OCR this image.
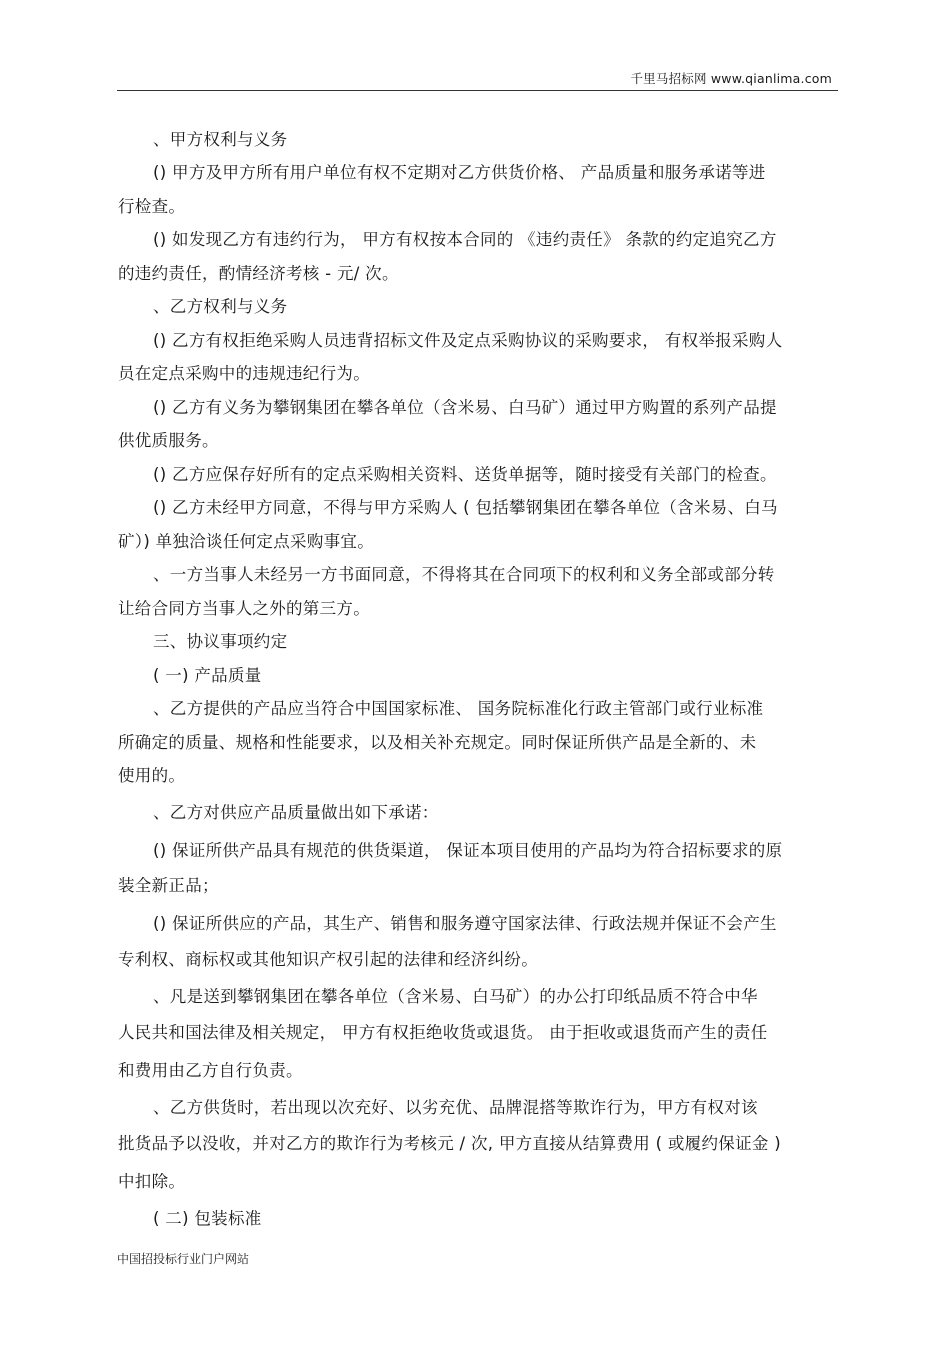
千里马招标网 www.qianlima.com
、甲方权利与义务
() 甲方及甲方所有用户单位有权不定期对乙方供货价格、 产品质量和服务承诺等进
行检查。
() 如发现乙方有违约行为， 甲方有权按本合同的 《违约责任》 条款的约定追究乙方
的违约责任，酌情经济考核 - 元/ 次。
、乙方权利与义务
() 乙方有权拒绝采购人员违背招标文件及定点采购协议的采购要求， 有权举报采购人
员在定点采购中的违规违纪行为。
() 乙方有义务为攀钢集团在攀各单位（含米易、白马矿）通过甲方购置的系列产品提
供优质服务。
() 乙方应保存好所有的定点采购相关资料、送货单据等，随时接受有关部门的检查。
() 乙方未经甲方同意，不得与甲方采购人 ( 包括攀钢集团在攀各单位（含米易、白马
矿）) 单独洽谈任何定点采购事宜。
、一方当事人未经另一方书面同意，不得将其在合同项下的权利和义务全部或部分转
让给合同方当事人之外的第三方。
三、协议事项约定
( 一) 产品质量
、乙方提供的产品应当符合中国国家标准、 国务院标准化行政主管部门或行业标准
所确定的质量、规格和性能要求，以及相关补充规定。同时保证所供产品是全新的、未
使用的。
、乙方对供应产品质量做出如下承诺：
() 保证所供产品具有规范的供货渠道， 保证本项目使用的产品均为符合招标要求的原
装全新正品；
() 保证所供应的产品，其生产、销售和服务遵守国家法律、行政法规并保证不会产生
专利权、商标权或其他知识产权引起的法律和经济纠纷。
、凡是送到攀钢集团在攀各单位（含米易、白马矿）的办公打印纸品质不符合中华
人民共和国法律及相关规定， 甲方有权拒绝收货或退货。 由于拒收或退货而产生的责任
和费用由乙方自行负责。
、乙方供货时，若出现以次充好、以劣充优、品牌混搭等欺诈行为，甲方有权对该
批货品予以没收，并对乙方的欺诈行为考核元 / 次, 甲方直接从结算费用 ( 或履约保证金 )
中扣除。
( 二) 包装标准
中国招投标行业门户网站
